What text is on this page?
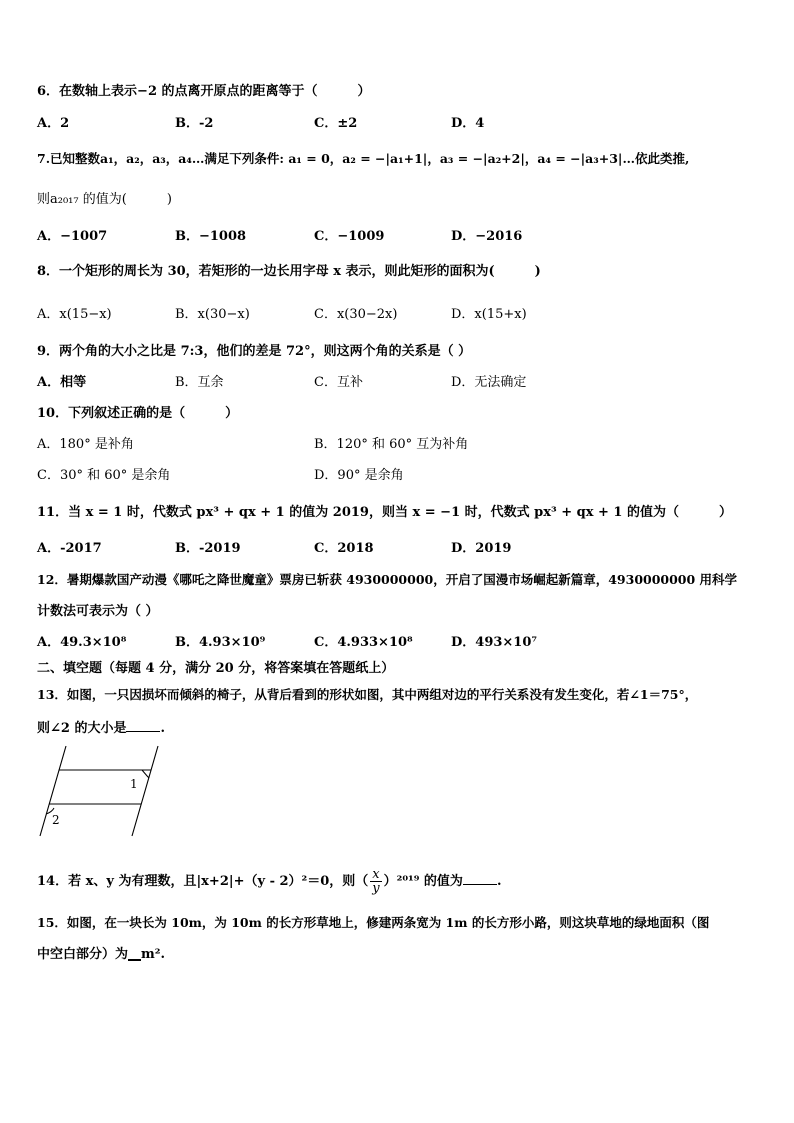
6．在数轴上表示−2 的点离开原点的距离等于（	）
A．2	B．-2	C．±2	D．4
7.已知整数a₁，a₂，a₃，a₄…满足下列条件: a₁ = 0，a₂ = −|a₁+1|，a₃ = −|a₂+2|，a₄ = −|a₃+3|…依此类推,
则a₂₀₁₇ 的值为(	)
A．−1007	B．−1008	C．−1009	D．−2016
8．一个矩形的周长为 30，若矩形的一边长用字母 x 表示，则此矩形的面积为(	)
A．x(15−x)	B．x(30−x)	C．x(30−2x)	D．x(15+x)
9．两个角的大小之比是 7:3，他们的差是 72°，则这两个角的关系是（ ）
A．相等	B．互余	C．互补	D．无法确定
10．下列叙述正确的是（	）
A．180° 是补角	B．120° 和 60° 互为补角
C．30° 和 60° 是余角	D．90° 是余角
11．当 x = 1 时，代数式 px³ + qx + 1 的值为 2019，则当 x = −1 时，代数式 px³ + qx + 1 的值为（	）
A．-2017	B．-2019	C．2018	D．2019
12．暑期爆款国产动漫《哪吒之降世魔童》票房已斩获 4930000000，开启了国漫市场崛起新篇章，4930000000 用科学
计数法可表示为（ ）
A．49.3×10⁸	B．4.93×10⁹	C．4.933×10⁸	D．493×10⁷
二、填空题（每题 4 分，满分 20 分，将答案填在答题纸上）
13．如图，一只因损坏而倾斜的椅子，从背后看到的形状如图，其中两组对边的平行关系没有发生变化，若∠1＝75°，
则∠2 的大小是	.
1
2
14．若 x、y 为有理数，且|x+2|+（y - 2）²＝0，则（ $\frac{x}{y} )^{2019}$ 的值为	.
15．如图，在一块长为 10m，为 10m 的长方形草地上，修建两条宽为 1m 的长方形小路，则这块草地的绿地面积（图
中空白部分）为__m².
